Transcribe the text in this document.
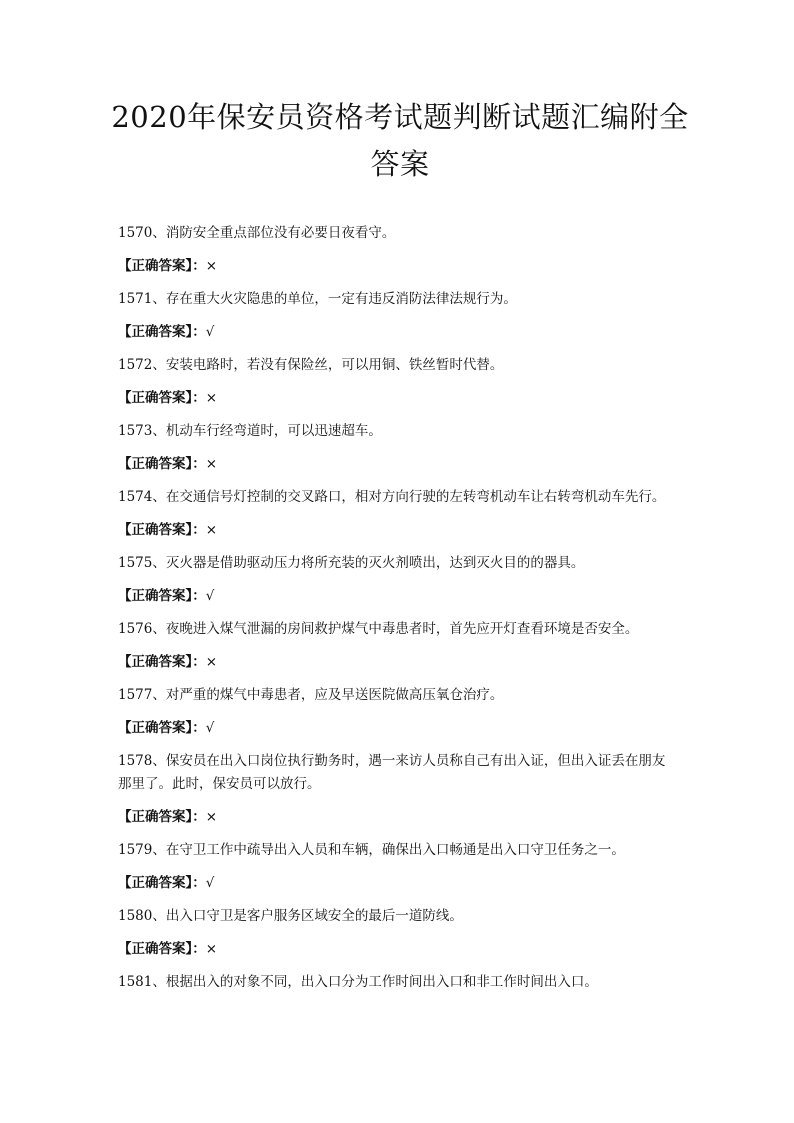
2020年保安员资格考试题判断试题汇编附全答案

1570、消防安全重点部位没有必要日夜看守。

【正确答案】：×

1571、存在重大火灾隐患的单位，一定有违反消防法律法规行为。

【正确答案】：√

1572、安装电路时，若没有保险丝，可以用铜、铁丝暂时代替。

【正确答案】：×

1573、机动车行经弯道时，可以迅速超车。

【正确答案】：×

1574、在交通信号灯控制的交叉路口，相对方向行驶的左转弯机动车让右转弯机动车先行。

【正确答案】：×

1575、灭火器是借助驱动压力将所充装的灭火剂喷出，达到灭火目的的器具。

【正确答案】：√

1576、夜晚进入煤气泄漏的房间救护煤气中毒患者时，首先应开灯查看环境是否安全。

【正确答案】：×

1577、对严重的煤气中毒患者，应及早送医院做高压氧仓治疗。

【正确答案】：√

1578、保安员在出入口岗位执行勤务时，遇一来访人员称自己有出入证，但出入证丢在朋友那里了。此时，保安员可以放行。

【正确答案】：×

1579、在守卫工作中疏导出入人员和车辆，确保出入口畅通是出入口守卫任务之一。

【正确答案】：√

1580、出入口守卫是客户服务区域安全的最后一道防线。

【正确答案】：×

1581、根据出入的对象不同，出入口分为工作时间出入口和非工作时间出入口。
